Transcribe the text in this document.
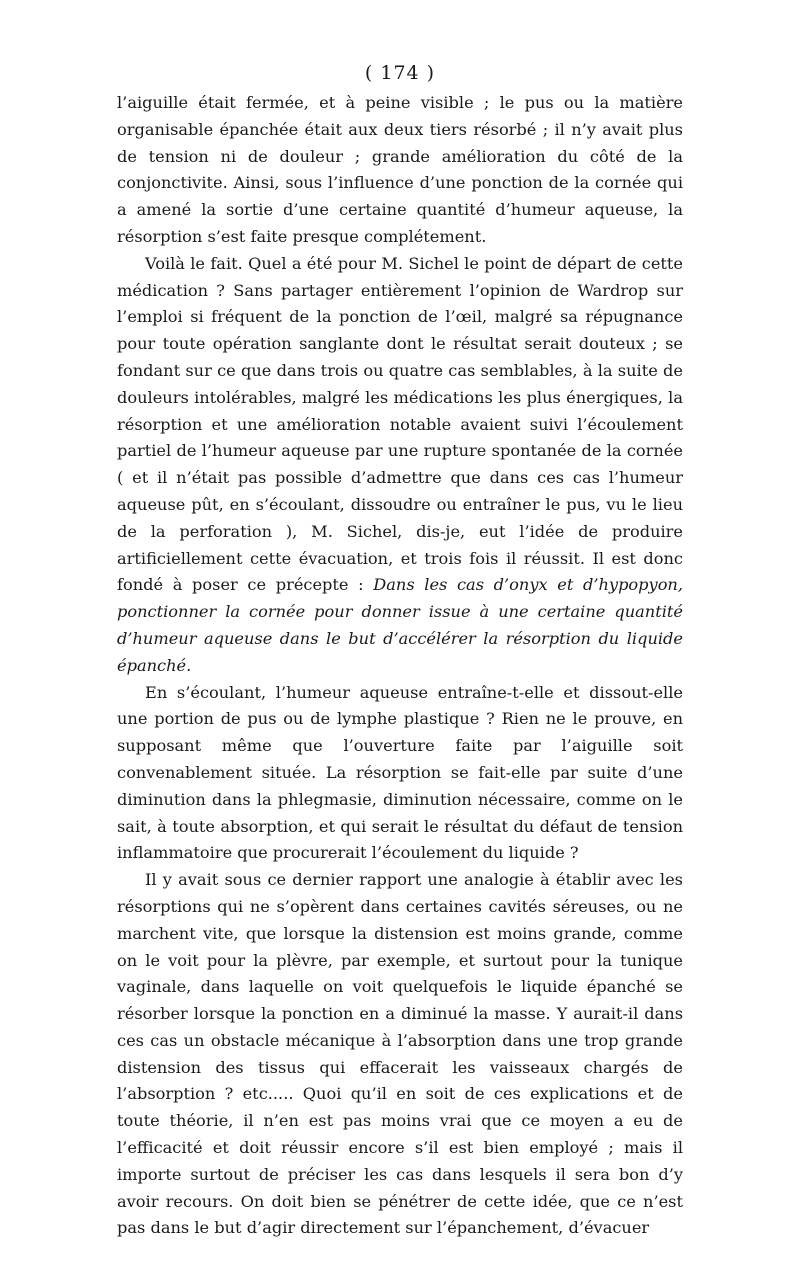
( 174 )

l’aiguille était fermée, et à peine visible ; le pus ou la matière organisable épanchée était aux deux tiers résorbé ; il n’y avait plus de tension ni de douleur ; grande amélioration du côté de la conjonctivite. Ainsi, sous l’influence d’une ponction de la cornée qui a amené la sortie d’une certaine quantité d’humeur aqueuse, la résorption s’est faite presque complétement.

Voilà le fait. Quel a été pour M. Sichel le point de départ de cette médication ? Sans partager entièrement l’opinion de Wardrop sur l’emploi si fréquent de la ponction de l’œil, malgré sa répugnance pour toute opération sanglante dont le résultat serait douteux ; se fondant sur ce que dans trois ou quatre cas semblables, à la suite de douleurs intolérables, malgré les médications les plus énergiques, la résorption et une amélioration notable avaient suivi l’écoulement partiel de l’humeur aqueuse par une rupture spontanée de la cornée ( et il n’était pas possible d’admettre que dans ces cas l’humeur aqueuse pût, en s’écoulant, dissoudre ou entraîner le pus, vu le lieu de la perforation ), M. Sichel, dis-je, eut l’idée de produire artificiellement cette évacuation, et trois fois il réussit. Il est donc fondé à poser ce précepte : Dans les cas d’onyx et d’hypopyon, ponctionner la cornée pour donner issue à une certaine quantité d’humeur aqueuse dans le but d’accélérer la résorption du liquide épanché.

En s’écoulant, l’humeur aqueuse entraîne-t-elle et dissout-elle une portion de pus ou de lymphe plastique ? Rien ne le prouve, en supposant même que l’ouverture faite par l’aiguille soit convenablement située. La résorption se fait-elle par suite d’une diminution dans la phlegmasie, diminution nécessaire, comme on le sait, à toute absorption, et qui serait le résultat du défaut de tension inflammatoire que procurerait l’écoulement du liquide ?

Il y avait sous ce dernier rapport une analogie à établir avec les résorptions qui ne s’opèrent dans certaines cavités séreuses, ou ne marchent vite, que lorsque la distension est moins grande, comme on le voit pour la plèvre, par exemple, et surtout pour la tunique vaginale, dans laquelle on voit quelquefois le liquide épanché se résorber lorsque la ponction en a diminué la masse. Y aurait-il dans ces cas un obstacle mécanique à l’absorption dans une trop grande distension des tissus qui effacerait les vaisseaux chargés de l’absorption ? etc..... Quoi qu’il en soit de ces explications et de toute théorie, il n’en est pas moins vrai que ce moyen a eu de l’efficacité et doit réussir encore s’il est bien employé ; mais il importe surtout de préciser les cas dans lesquels il sera bon d’y avoir recours. On doit bien se pénétrer de cette idée, que ce n’est pas dans le but d’agir directement sur l’épanchement, d’évacuer
